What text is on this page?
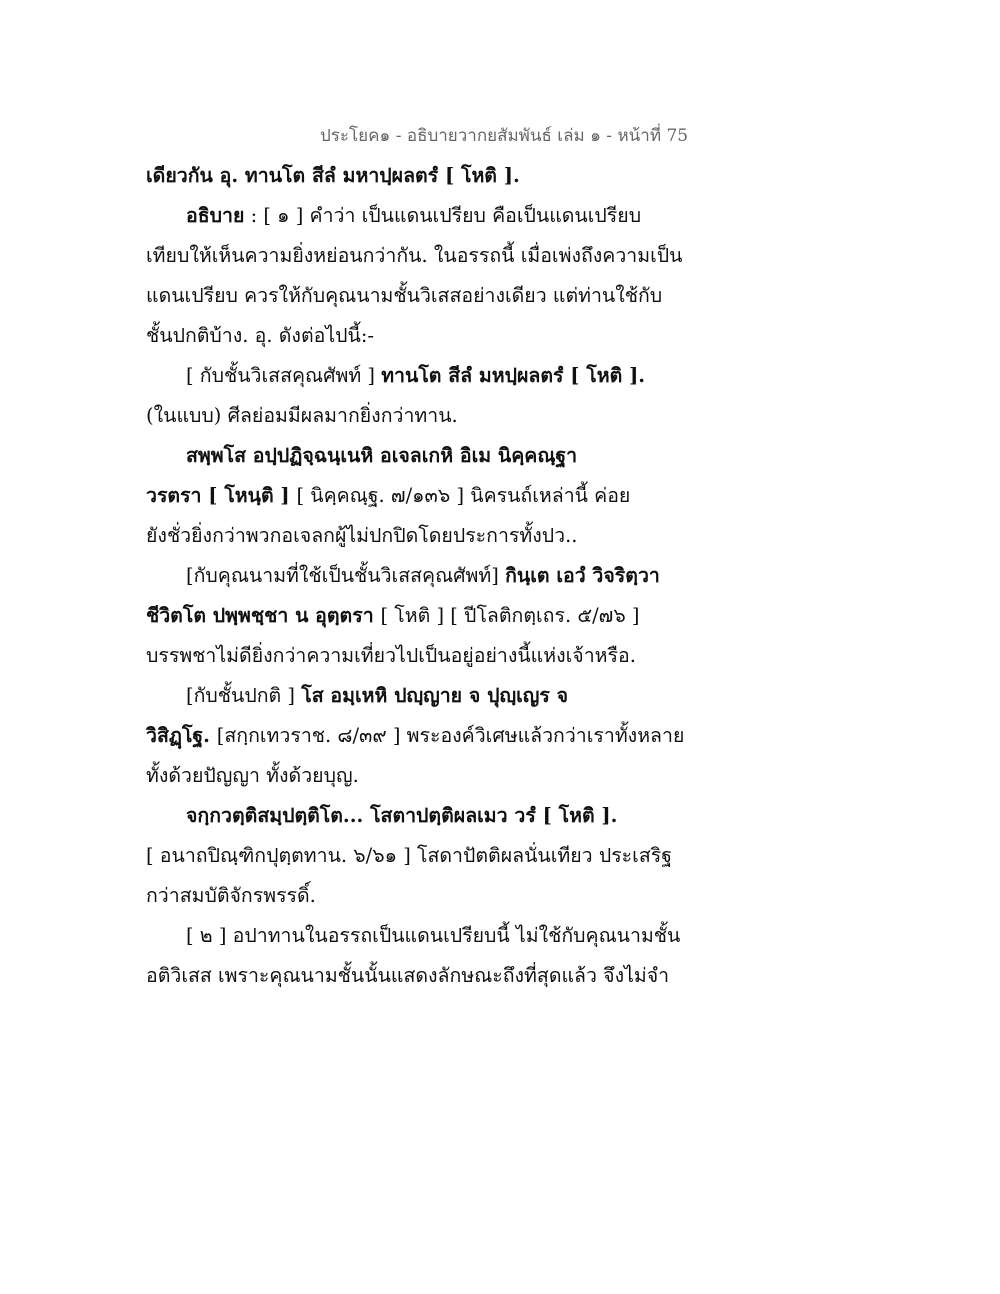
ประโยค๑ - อธิบายวากยสัมพันธ์ เล่ม ๑ - หน้าที่ 75
เดียวกัน อุ. ทานโต สีลํ มหาปฺผลตรํ [ โหติ ].
อธิบาย : [ ๑ ] คำว่า เป็นแดนเปรียบ คือเป็นแดนเปรียบ
เทียบให้เห็นความยิ่งหย่อนกว่ากัน. ในอรรถนี้ เมื่อเพ่งถึงความเป็น
แดนเปรียบ ควรให้กับคุณนามชั้นวิเสสอย่างเดียว แต่ท่านใช้กับ
ชั้นปกติบ้าง. อุ. ดังต่อไปนี้:-
[ กับชั้นวิเสสคุณศัพท์ ] ทานโต สีลํ มหปฺผลตรํ [ โหติ ].
(ในแบบ) ศีลย่อมมีผลมากยิ่งกว่าทาน.
สพฺพโส อปฺปฏิจฺฉนฺเนหิ อเจลเกหิ อิเม นิคฺคณฺฐา
วรตรา [ โหนฺติ ] [ นิคฺคณฺฐ. ๗/๑๓๖ ] นิครนถ์เหล่านี้ ค่อย
ยังชั่วยิ่งกว่าพวกอเจลกผู้ไม่ปกปิดโดยประการทั้งปว..
[กับคุณนามที่ใช้เป็นชั้นวิเสสคุณศัพท์] กินฺเต เอวํ วิจริตฺวา
ชีวิตโต ปพฺพชฺชา น อุตฺตรา [ โหติ ] [ ปีโลติกตฺเถร. ๕/๗๖ ]
บรรพชาไม่ดียิ่งกว่าความเที่ยวไปเป็นอยู่อย่างนี้แห่งเจ้าหรือ.
[กับชั้นปกติ ] โส อมฺเหหิ ปญฺญาย จ ปุญฺเญร จ
วิสิฏฺโฐ. [สกฺกเทวราช. ๘/๓๙ ] พระองค์วิเศษแล้วกว่าเราทั้งหลาย
ทั้งด้วยปัญญา ทั้งด้วยบุญ.
จกฺกวตฺติสมฺปตฺติโต... โสตาปตฺติผลเมว วรํ [ โหติ ].
[ อนาถปิณฺฑิกปุตฺตทาน. ๖/๖๑ ] โสดาปัตติผลนั่นเทียว ประเสริฐ
กว่าสมบัติจักรพรรดิ์.
[ ๒ ] อปาทานในอรรถเป็นแดนเปรียบนี้ ไม่ใช้กับคุณนามชั้น
อติวิเสส เพราะคุณนามชั้นนั้นแสดงลักษณะถึงที่สุดแล้ว จึงไม่จำ
